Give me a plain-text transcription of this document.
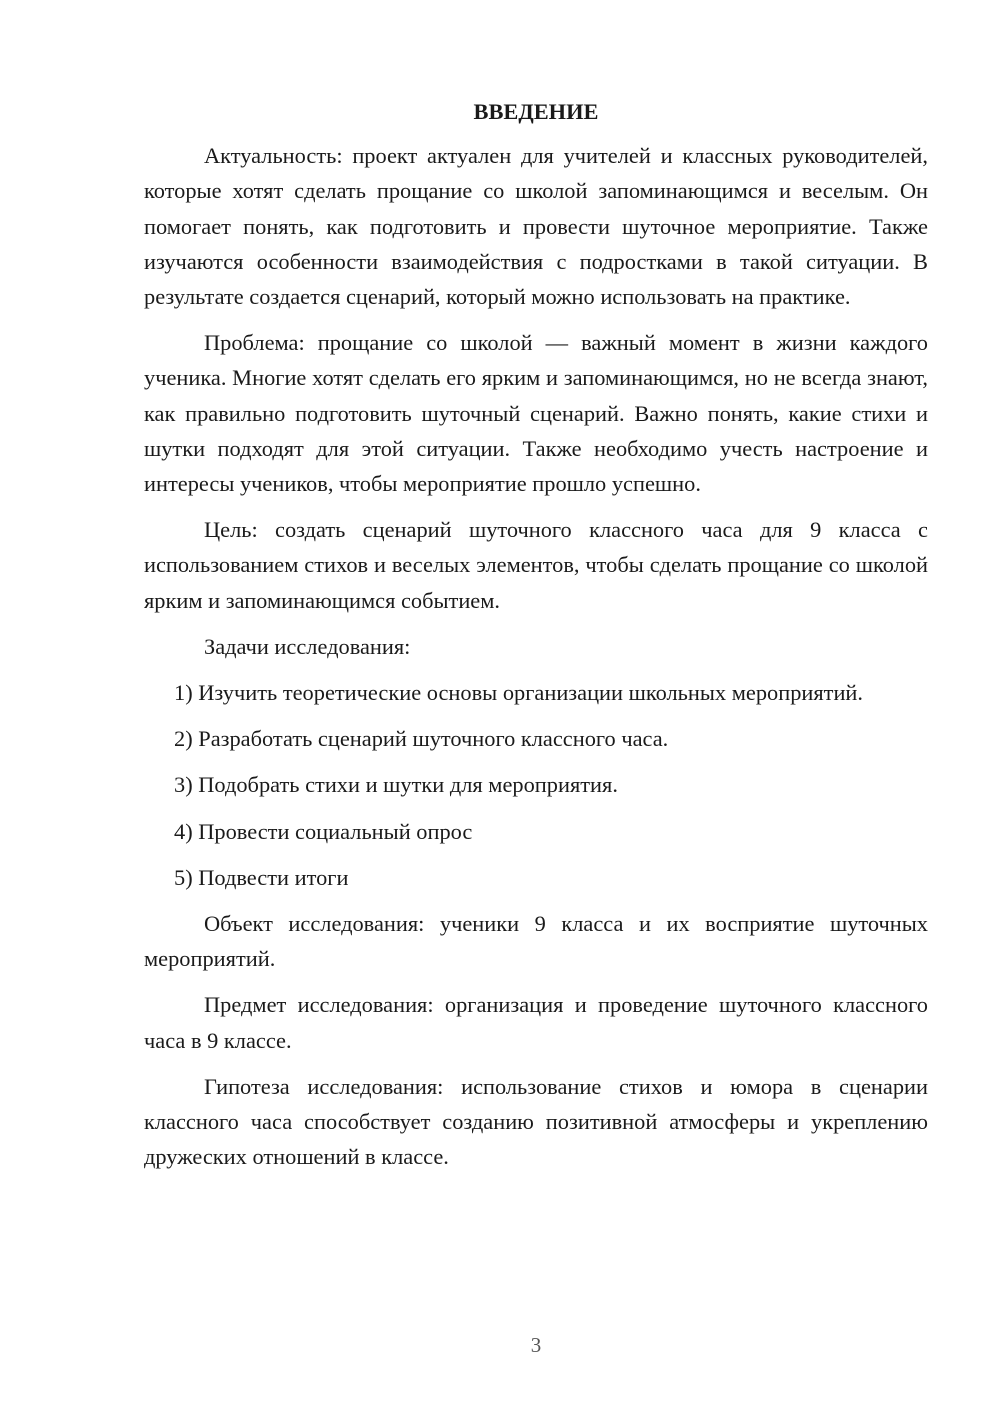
ВВЕДЕНИЕ

Актуальность: проект актуален для учителей и классных руководителей, которые хотят сделать прощание со школой запоминающимся и веселым. Он помогает понять, как подготовить и провести шуточное мероприятие. Также изучаются особенности взаимодействия с подростками в такой ситуации. В результате создается сценарий, который можно использовать на практике.

Проблема: прощание со школой — важный момент в жизни каждого ученика. Многие хотят сделать его ярким и запоминающимся, но не всегда знают, как правильно подготовить шуточный сценарий. Важно понять, какие стихи и шутки подходят для этой ситуации. Также необходимо учесть настроение и интересы учеников, чтобы мероприятие прошло успешно.

Цель: создать сценарий шуточного классного часа для 9 класса с использованием стихов и веселых элементов, чтобы сделать прощание со школой ярким и запоминающимся событием.

Задачи исследования:

1) Изучить теоретические основы организации школьных мероприятий.

2) Разработать сценарий шуточного классного часа.

3) Подобрать стихи и шутки для мероприятия.

4) Провести социальный опрос

5) Подвести итоги

Объект исследования: ученики 9 класса и их восприятие шуточных мероприятий.

Предмет исследования: организация и проведение шуточного классного часа в 9 классе.

Гипотеза исследования: использование стихов и юмора в сценарии классного часа способствует созданию позитивной атмосферы и укреплению дружеских отношений в классе.

3
